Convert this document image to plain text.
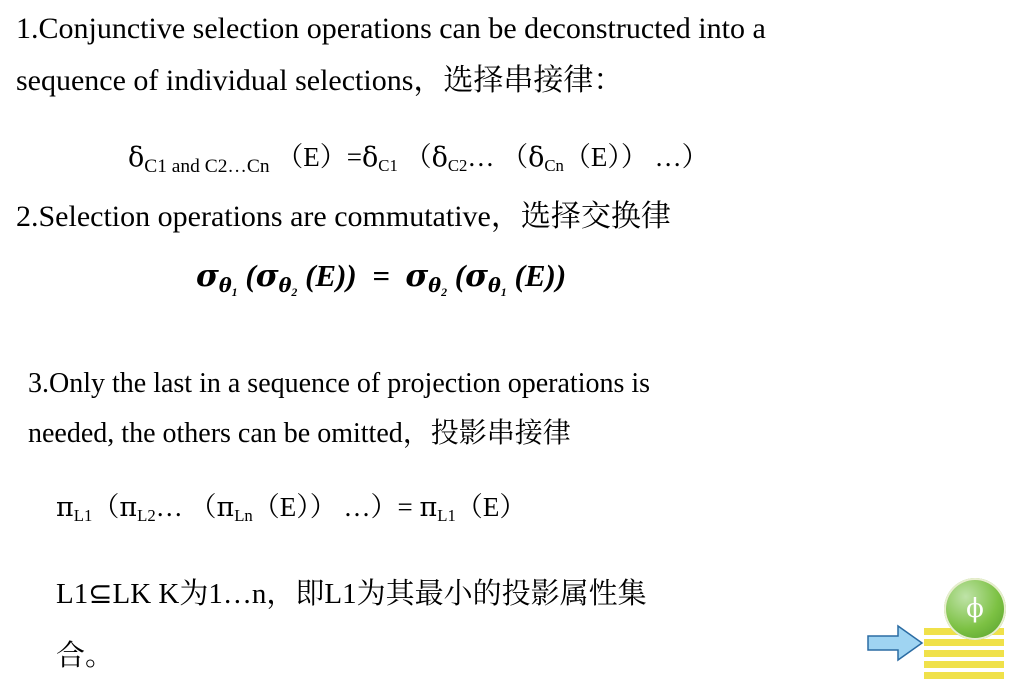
1.Conjunctive selection operations can be deconstructed into a
sequence of individual selections，选择串接律：
$\delta_{C1 and C2\dots Cn}$ $(E)=\delta_{C1}$ （$\delta_{C2}\dots$ $(\delta_{Cn}(E))$ …）
2.Selection operations are commutative，选择交换律
$\sigma_{\theta_1}$ ($\sigma_{\theta_2}$ $(E)) = \sigma_{\theta_2}$ ($\sigma_{\theta_1}$ (E))
3.Only the last in a sequence of projection operations is
needed, the others can be omitted，投影串接律
$\pi_{L1}(\pi_{L2}\dots$ $(\pi_{Ln}(E))$ …）= $\pi_{L1}(E)$
L1⊆LK K为1…n，即L1为其最小的投影属性集
合。
ϕ
